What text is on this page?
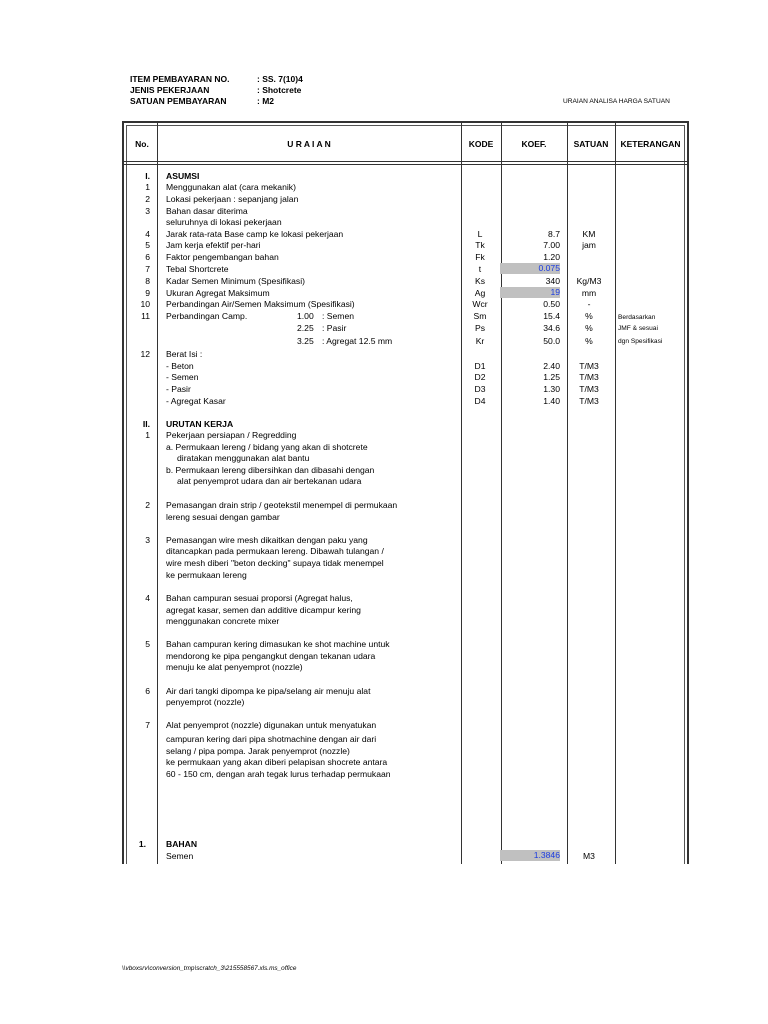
ITEM PEMBAYARAN NO.	: SS. 7(10)4
JENIS PEKERJAAN	: Shotcrete
SATUAN PEMBAYARAN	: M2	URAIAN ANALISA HARGA SATUAN
No.	U R A I A N	KODE	KOEF.	SATUAN	KETERANGAN
I. ASUMSI
1 Menggunakan alat (cara mekanik)
2 Lokasi pekerjaan : sepanjang jalan
3 Bahan dasar diterima
seluruhnya di lokasi pekerjaan
4 Jarak rata-rata Base camp ke lokasi pekerjaan	L	8.7	KM
5 Jam kerja efektif per-hari	Tk	7.00	jam
6 Faktor pengembangan bahan	Fk	1.20
7 Tebal Shortcrete	t	0.075
8 Kadar Semen Minimum (Spesifikasi)	Ks	340	Kg/M3
9 Ukuran Agregat Maksimum	Ag	19	mm
10 Perbandingan Air/Semen Maksimum (Spesifikasi)	Wcr	0.50	-
11 Perbandingan Camp.	1.00 : Semen	Sm	15.4	%	Berdasarkan
2.25 : Pasir	Ps	34.6	%	JMF & sesuai
3.25 : Agregat 12.5 mm	Kr	50.0	%	dgn Spesifikasi
12 Berat Isi :
- Beton	D1	2.40	T/M3
- Semen	D2	1.25	T/M3
- Pasir	D3	1.30	T/M3
- Agregat Kasar	D4	1.40	T/M3
II. URUTAN KERJA
1 Pekerjaan persiapan / Regredding
a. Permukaan lereng / bidang yang akan di shotcrete
diratakan menggunakan alat bantu
b. Permukaan lereng dibersihkan dan dibasahi dengan
alat penyemprot udara dan air bertekanan udara
2 Pemasangan drain strip / geotekstil menempel di permukaan
lereng sesuai dengan gambar
3 Pemasangan wire mesh dikaitkan dengan paku yang
ditancapkan pada permukaan lereng. Dibawah tulangan /
wire mesh diberi "beton decking" supaya tidak menempel
ke permukaan lereng
4 Bahan campuran sesuai proporsi (Agregat halus,
agregat kasar, semen dan additive dicampur kering
menggunakan concrete mixer
5 Bahan campuran kering dimasukan ke shot machine untuk
mendorong ke pipa pengangkut dengan tekanan udara
menuju ke alat penyemprot (nozzle)
6 Air dari tangki dipompa ke pipa/selang air menuju alat
penyemprot (nozzle)
7 Alat penyemprot (nozzle) digunakan untuk menyatukan
campuran kering dari pipa shotmachine dengan air dari
selang / pipa pompa. Jarak penyemprot (nozzle)
ke permukaan yang akan diberi pelapisan shocrete antara
60 - 150 cm, dengan arah tegak lurus terhadap permukaan
1. BAHAN
Semen	1.3846	M3
\\vboxsrv\conversion_tmp\scratch_3\215558567.xls.ms_office
